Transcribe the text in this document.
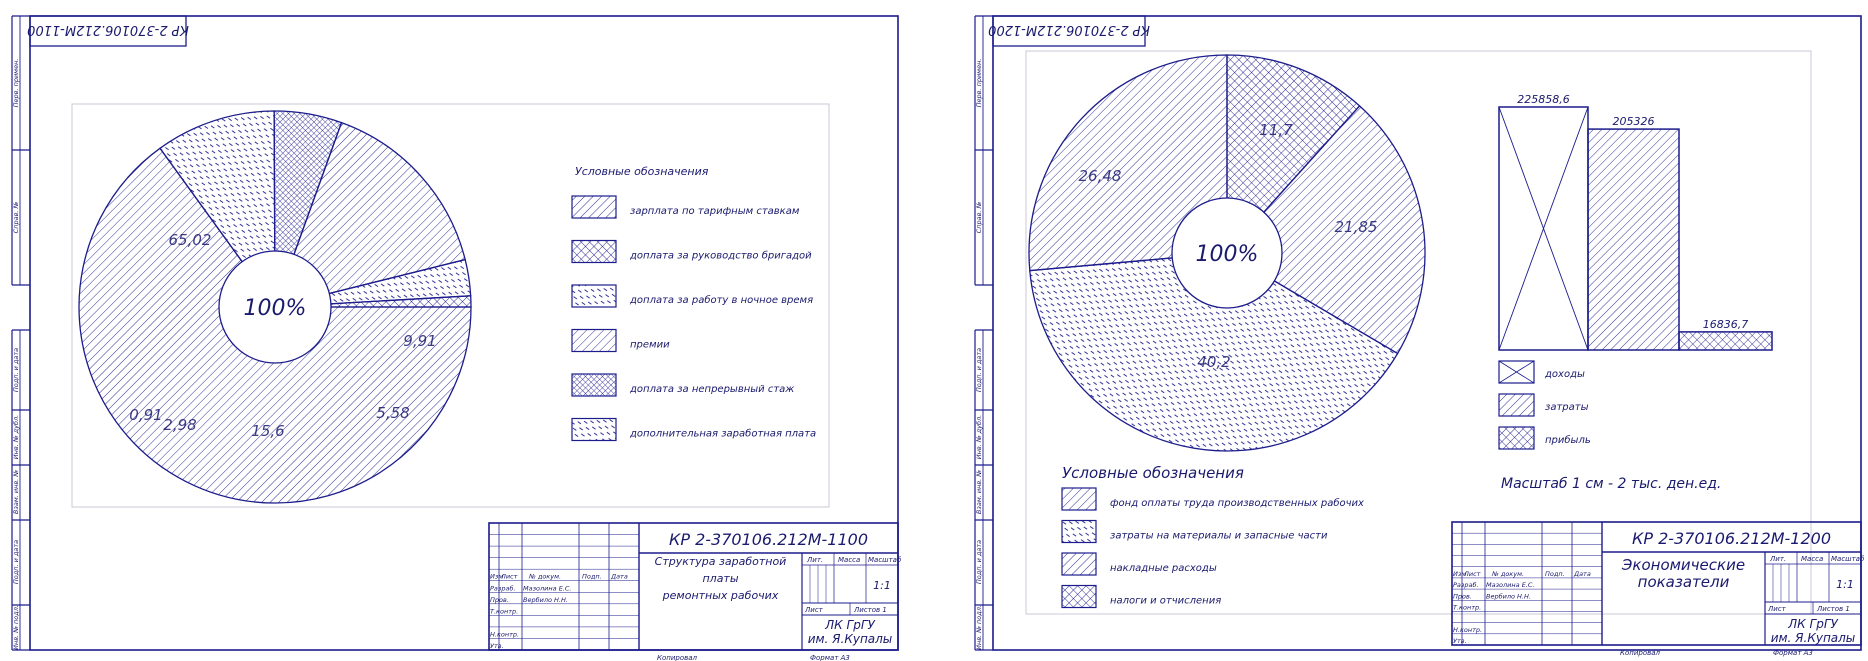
Перв. примен.
Справ. №
Подп. и дата
Инв. № дубл.
Взам. инв. №
Подп. и дата
Инв. № подл.
КР 2-370106.212М-1100
100%
65,02
9,91
5,58
15,6
2,98
0,91
Условные обозначения
зарплата по тарифным ставкам
доплата за руководство бригадой
доплата за работу в ночное время
премии
доплата за непрерывный стаж
дополнительная заработная плата
Изм
Лист № докум.	Подп. Дата
Разраб.
Пров.
Т.контр.
Н.контр.
Утв.
Мазолина Е.С.
Вербило Н.Н.
КР 2-370106.212М-1100
Лит. Масса Масштаб
1:1
Лист	Листов 1
Структура заработной
платы
ремонтных рабочих
ЛК ГрГУ
им. Я.Купалы
Копировал	Формат А3
Перв. примен.
Справ. №
Подп. и дата
Инв. № дубл.
Взам. инв. №
Подп. и дата
Инв. № подл.
КР 2-370106.212М-1200
100%
11,7
21,85
40,2
26,48
Условные обозначения
фонд оплаты труда производственных рабочих
затраты на материалы и запасные части
накладные расходы
налоги и отчисления
225858,6
205326
16836,7
доходы
затраты
прибыль
Масштаб 1 см - 2 тыс. ден.ед.
Изм
Лист № докум.	Подп. Дата
Разраб.
Пров.
Т.контр.
Н.контр.
Утв.
Мазолина Е.С.
Вербило Н.Н.
КР 2-370106.212М-1200
Лит. Масса Масштаб
1:1
Лист	Листов 1
Экономические
показатели
ЛК ГрГУ
им. Я.Купалы
Копировал	Формат А3
